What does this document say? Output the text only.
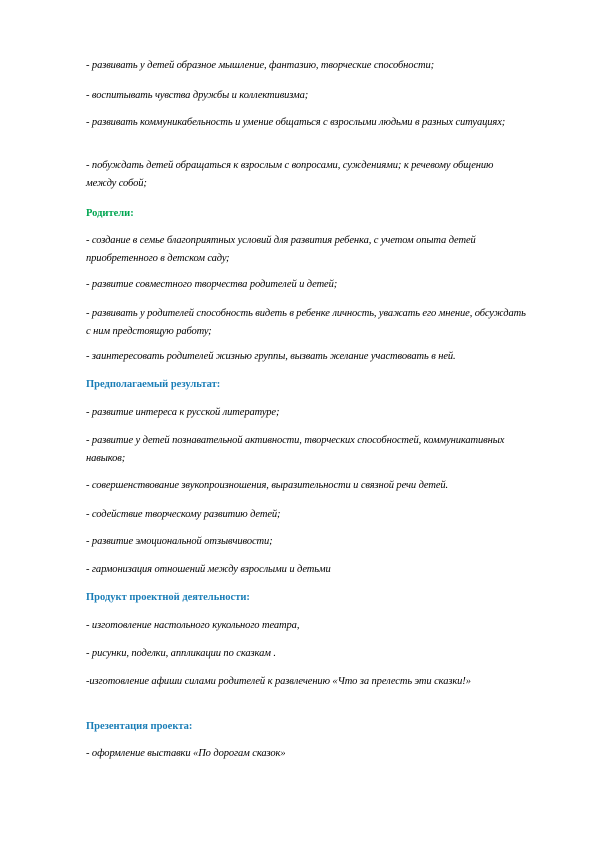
- развивать у детей образное мышление, фантазию, творческие способности;
- воспитывать чувства дружбы и коллективизма;
- развивать коммуникабельность и умение общаться с взрослыми людьми в разных ситуациях;
- побуждать детей обращаться к взрослым с вопросами, суждениями; к речевому общению между собой;
Родители:
- создание в семье благоприятных условий для развития ребенка, с учетом опыта детей приобретенного в детском саду;
- развитие совместного творчества родителей и детей;
- развивать у родителей способность видеть в ребенке личность, уважать его мнение, обсуждать с ним предстоящую работу;
- заинтересовать родителей жизнью группы, вызвать желание участвовать в ней.
Предполагаемый результат:
- развитие интереса к русской литературе;
- развитие у детей познавательной активности, творческих способностей, коммуникативных навыков;
- совершенствование звукопроизношения, выразительности и связной речи детей.
- содействие творческому развитию детей;
- развитие эмоциональной отзывчивости;
- гармонизация отношений между взрослыми и детьми
Продукт проектной деятельности:
- изготовление настольного кукольного театра,
- рисунки, поделки, аппликации по сказкам .
-изготовление афиши силами родителей к развлечению «Что за прелесть эти сказки!»
Презентация проекта:
- оформление выставки «По дорогам сказок»
